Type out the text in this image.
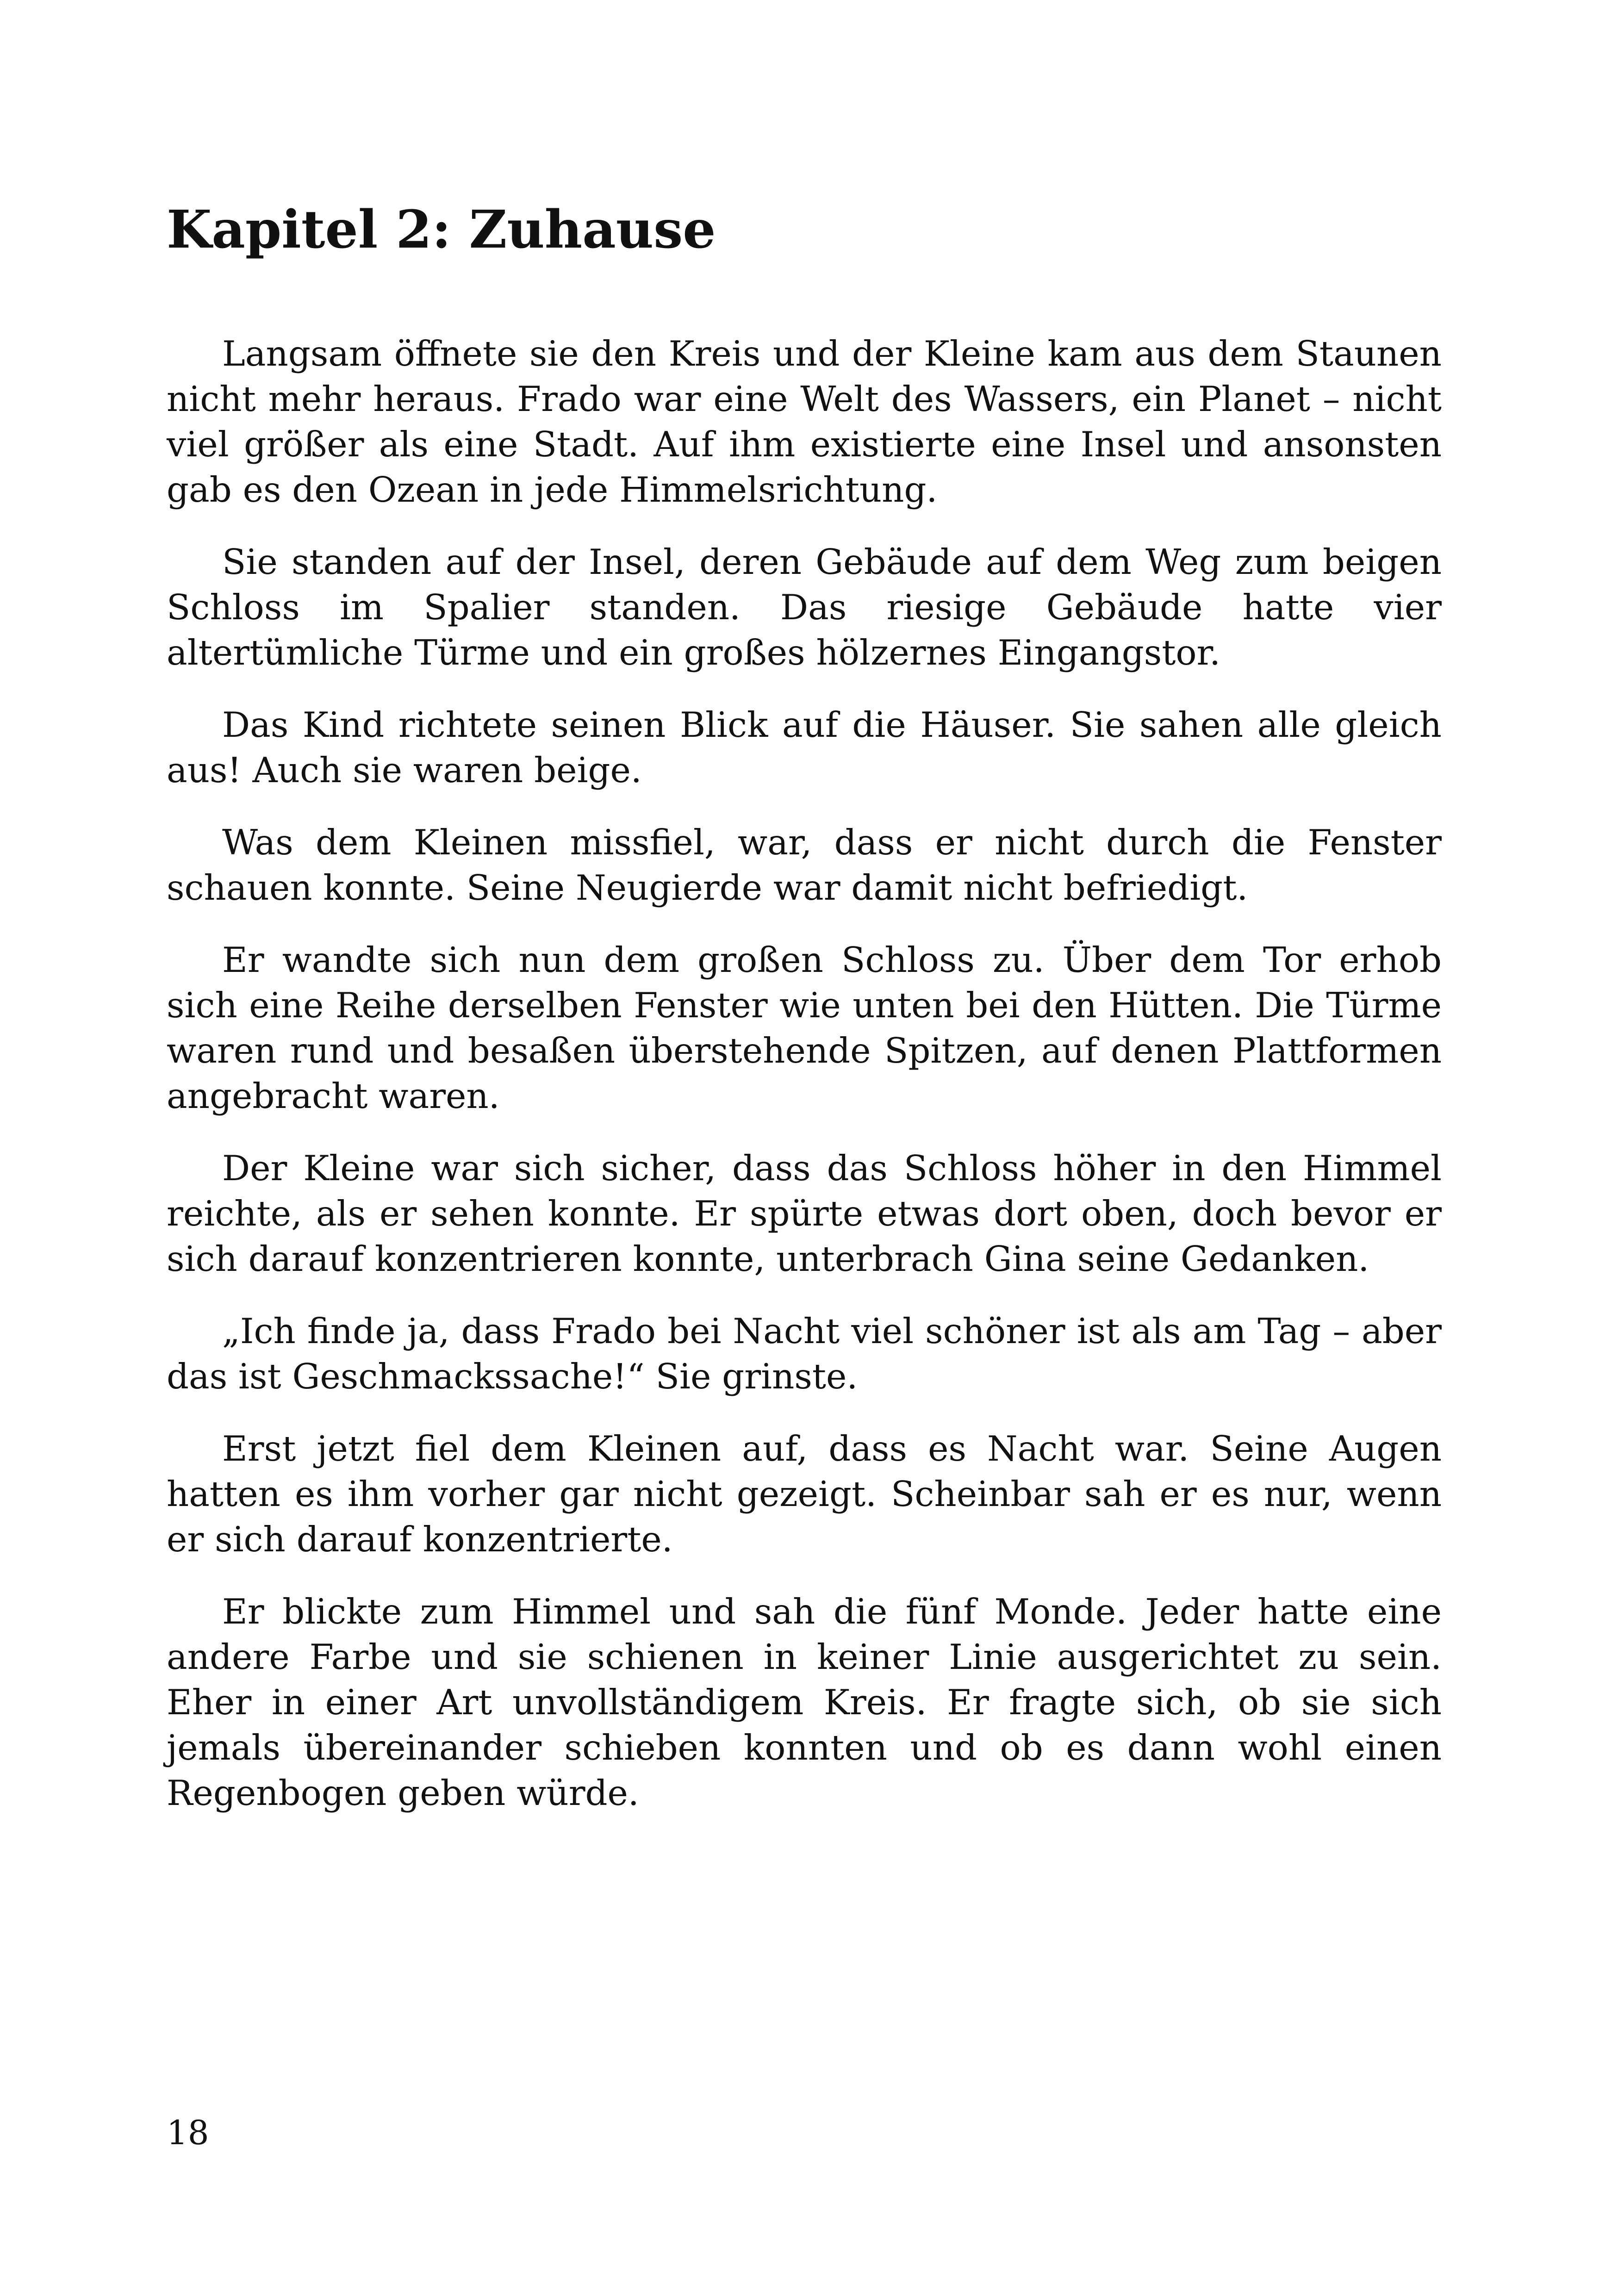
Kapitel 2: Zuhause

Langsam öffnete sie den Kreis und der Kleine kam aus dem Staunen nicht mehr heraus. Frado war eine Welt des Wassers, ein Planet – nicht viel größer als eine Stadt. Auf ihm existierte eine Insel und ansonsten gab es den Ozean in jede Himmelsrichtung.

Sie standen auf der Insel, deren Gebäude auf dem Weg zum beigen Schloss im Spalier standen. Das riesige Gebäude hatte vier altertümliche Türme und ein großes hölzernes Eingangstor.

Das Kind richtete seinen Blick auf die Häuser. Sie sahen alle gleich aus! Auch sie waren beige.

Was dem Kleinen missfiel, war, dass er nicht durch die Fenster schauen konnte. Seine Neugierde war damit nicht befriedigt.

Er wandte sich nun dem großen Schloss zu. Über dem Tor erhob sich eine Reihe derselben Fenster wie unten bei den Hütten. Die Türme waren rund und besaßen überstehende Spitzen, auf denen Plattformen angebracht waren.

Der Kleine war sich sicher, dass das Schloss höher in den Himmel reichte, als er sehen konnte. Er spürte etwas dort oben, doch bevor er sich darauf konzentrieren konnte, unterbrach Gina seine Gedanken.

„Ich finde ja, dass Frado bei Nacht viel schöner ist als am Tag – aber das ist Geschmackssache!“ Sie grinste.

Erst jetzt fiel dem Kleinen auf, dass es Nacht war. Seine Augen hatten es ihm vorher gar nicht gezeigt. Scheinbar sah er es nur, wenn er sich darauf konzentrierte.

Er blickte zum Himmel und sah die fünf Monde. Jeder hatte eine andere Farbe und sie schienen in keiner Linie ausgerichtet zu sein. Eher in einer Art unvollständigem Kreis. Er fragte sich, ob sie sich jemals übereinander schieben konnten und ob es dann wohl einen Regenbogen geben würde.

18
